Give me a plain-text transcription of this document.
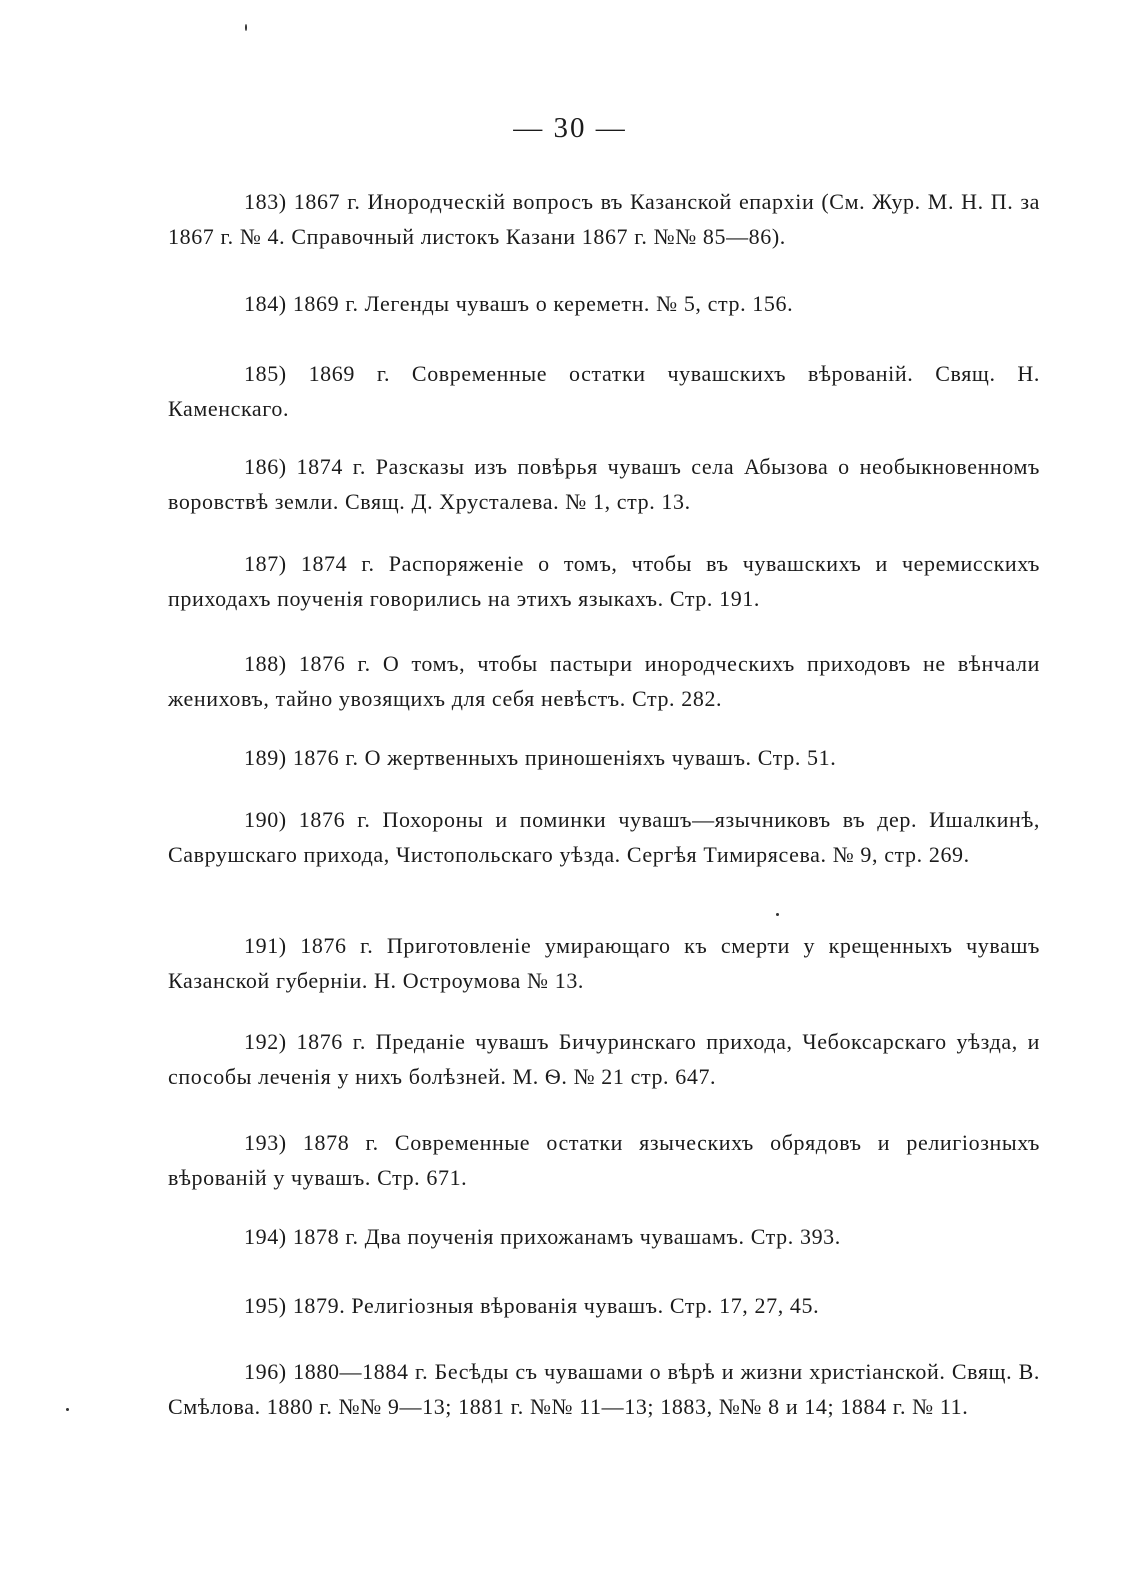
— 30 —

183) 1867 г. Инородческій вопросъ въ Казанской епархіи (См. Жур. М. Н. П. за 1867 г. № 4. Справочный листокъ Казани 1867 г. №№ 85—86).

184) 1869 г. Легенды чувашъ о кереметн. № 5, стр. 156.

185) 1869 г. Современные остатки чувашскихъ вѣрованій. Свящ. Н. Каменскаго.

186) 1874 г. Разсказы изъ повѣрья чувашъ села Абызова о необыкновенномъ воровствѣ земли. Свящ. Д. Хрусталева. № 1, стр. 13.

187) 1874 г. Распоряженіе о томъ, чтобы въ чувашскихъ и черемисскихъ приходахъ поученія говорились на этихъ языкахъ. Стр. 191.

188) 1876 г. О томъ, чтобы пастыри инородческихъ приходовъ не вѣнчали жениховъ, тайно увозящихъ для себя невѣстъ. Стр. 282.

189) 1876 г. О жертвенныхъ приношеніяхъ чувашъ. Стр. 51.

190) 1876 г. Похороны и поминки чувашъ—язычниковъ въ дер. Ишалкинѣ, Саврушскаго прихода, Чистопольскаго уѣзда. Сергѣя Тимирясева. № 9, стр. 269.

191) 1876 г. Приготовленіе умирающаго къ смерти у крещенныхъ чувашъ Казанской губерніи. Н. Остроумова № 13.

192) 1876 г. Преданіе чувашъ Бичуринскаго прихода, Чебоксарскаго уѣзда, и способы леченія у нихъ болѣзней. М. Ѳ. № 21 стр. 647.

193) 1878 г. Современные остатки языческихъ обрядовъ и религіозныхъ вѣрованій у чувашъ. Стр. 671.

194) 1878 г. Два поученія прихожанамъ чувашамъ. Стр. 393.

195) 1879. Религіозныя вѣрованія чувашъ. Стр. 17, 27, 45.

196) 1880—1884 г. Бесѣды съ чувашами о вѣрѣ и жизни христіанской. Свящ. В. Смѣлова. 1880 г. №№ 9—13; 1881 г. №№ 11—13; 1883, №№ 8 и 14; 1884 г. № 11.
